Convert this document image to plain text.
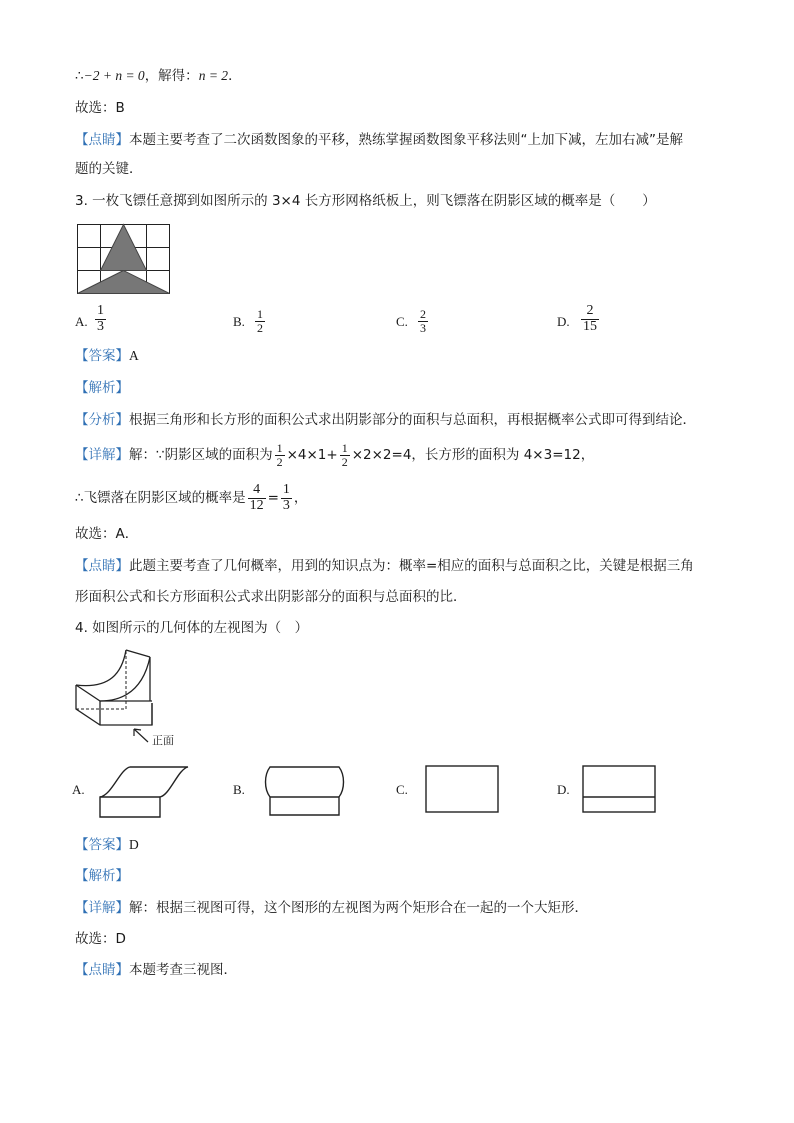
∴−2 + n = 0，解得：n = 2．
故选：B
【点睛】本题主要考查了二次函数图象的平移，熟练掌握函数图象平移法则“上加下减，左加右减”是解
题的关键．
3. 一枚飞镖任意掷到如图所示的 3×4 长方形网格纸板上，则飞镖落在阴影区域的概率是（　　）
A. $\frac{1}{3}$	B. $\frac{1}{2}$	C. $\frac{2}{3}$	D. $\frac{2}{15}$
【答案】A
【解析】
【分析】根据三角形和长方形的面积公式求出阴影部分的面积与总面积，再根据概率公式即可得到结论．
【详解】解：∵阴影区域的面积为 $\frac{1}{2} \times 4\times 1+ \frac{1}{2} \times 2\times 2=4$，长方形的面积为 4×3=12，
∴飞镖落在阴影区域的概率是 $\frac{4}{12} = \frac{1}{3}$ ，
故选：A．
【点睛】此题主要考查了几何概率，用到的知识点为：概率=相应的面积与总面积之比，关键是根据三角
形面积公式和长方形面积公式求出阴影部分的面积与总面积的比．
4. 如图所示的几何体的左视图为（　）
正面
A.	B.	C.	D.
【答案】D
【解析】
【详解】解：根据三视图可得，这个图形的左视图为两个矩形合在一起的一个大矩形．
故选：D
【点睛】本题考查三视图．
